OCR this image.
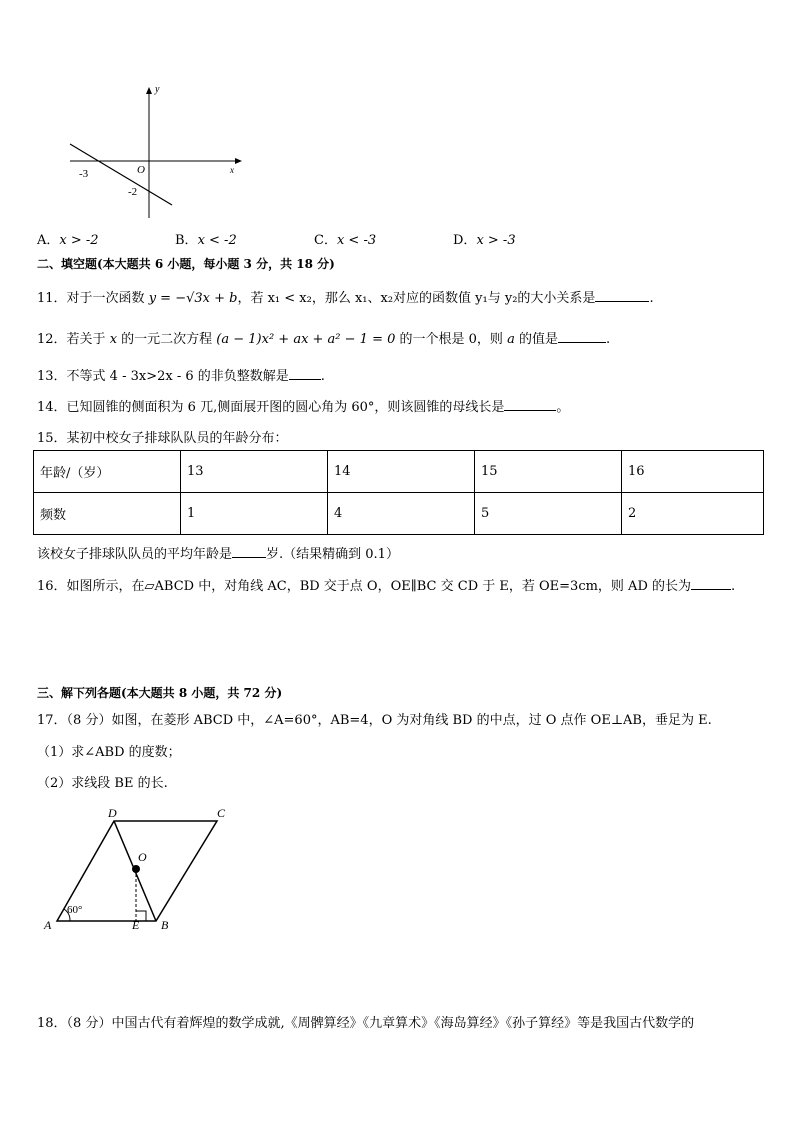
y
x
O
-3
-2
A．x > -2	B．x < -2	C．x < -3	D．x > -3
二、填空题(本大题共 6 小题，每小题 3 分，共 18 分)
11．对于一次函数 y = −√3x + b，若 x₁ < x₂，那么 x₁、x₂对应的函数值 y₁与 y₂的大小关系是	.
12．若关于 x 的一元二次方程 (a − 1)x² + ax + a² − 1 = 0 的一个根是 0，则 a 的值是	.
13．不等式 4 - 3x>2x - 6 的非负整数解是 .
14．已知圆锥的侧面积为 6 兀,侧面展开图的圆心角为 60°，则该圆锥的母线长是	。
15．某初中校女子排球队队员的年龄分布：
年龄/（岁）	13	14	15	16
频数	1	4	5	2
该校女子排球队队员的平均年龄是	岁.（结果精确到 0.1）
16．如图所示，在▱ABCD 中，对角线 AC，BD 交于点 O，OE∥BC 交 CD 于 E，若 OE=3cm，则 AD 的长为	.
三、解下列各题(本大题共 8 小题，共 72 分)
17．（8 分）如图，在菱形 ABCD 中，∠A=60°，AB=4，O 为对角线 BD 的中点，过 O 点作 OE⊥AB，垂足为 E.
（1）求∠ABD 的度数；
（2）求线段 BE 的长.
A	E B
C
D
O
60°
18．（8 分）中国古代有着辉煌的数学成就,《周髀算经》《九章算术》《海岛算经》《孙子算经》等是我国古代数学的
